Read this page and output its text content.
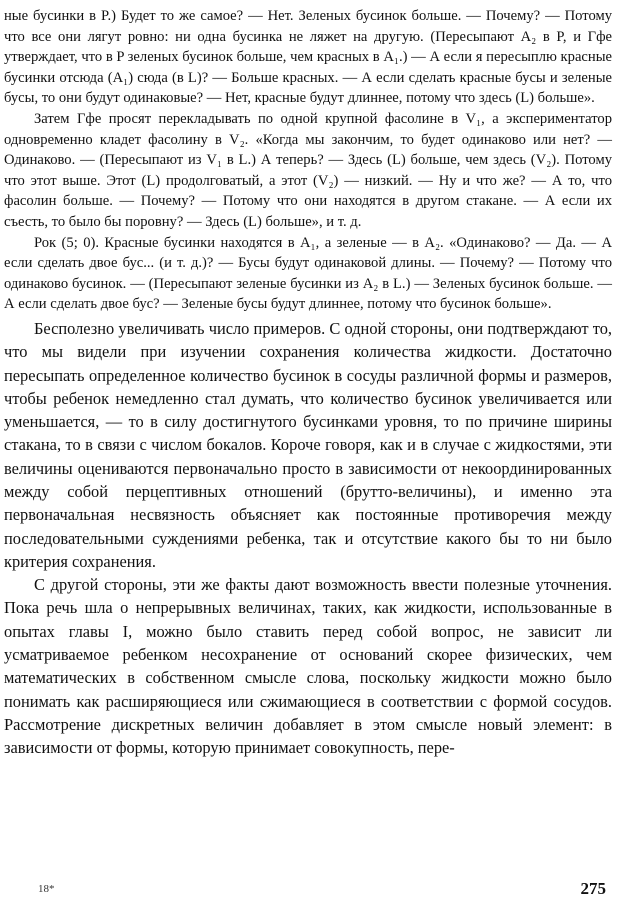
ные бусинки в P.) Будет то же самое? — Нет. Зеленых бусинок больше. — Почему? — Потому что все они лягут ровно: ни одна бусинка не ляжет на другую. (Пересыпают A₂ в P, и Гфе утверждает, что в P зеленых бусинок больше, чем красных в A₁.) — А если я пересыплю красные бусинки отсюда (A₁) сюда (в L)? — Больше красных. — А если сделать красные бусы и зеленые бусы, то они будут одинаковые? — Нет, красные будут длиннее, потому что здесь (L) больше».

Затем Гфе просят перекладывать по одной крупной фасолине в V₁, а экспериментатор одновременно кладет фасолину в V₂. «Когда мы закончим, то будет одинаково или нет? — Одинаково. — (Пересыпают из V₁ в L.) А теперь? — Здесь (L) больше, чем здесь (V₂). Потому что этот выше. Этот (L) продолговатый, а этот (V₂) — низкий. — Ну и что же? — А то, что фасолин больше. — Почему? — Потому что они находятся в другом стакане. — А если их съесть, то было бы поровну? — Здесь (L) больше», и т. д.

Рок (5; 0). Красные бусинки находятся в A₁, а зеленые — в A₂. «Одинаково? — Да. — А если сделать двое бус... (и т. д.)? — Бусы будут одинаковой длины. — Почему? — Потому что одинаково бусинок. — (Пересыпают зеленые бусинки из A₂ в L.) — Зеленых бусинок больше. — А если сделать двое бус? — Зеленые бусы будут длиннее, потому что бусинок больше».

Бесполезно увеличивать число примеров. С одной стороны, они подтверждают то, что мы видели при изучении сохранения количества жидкости. Достаточно пересыпать определенное количество бусинок в сосуды различной формы и размеров, чтобы ребенок немедленно стал думать, что количество бусинок увеличивается или уменьшается, — то в силу достигнутого бусинками уровня, то по причине ширины стакана, то в связи с числом бокалов. Короче говоря, как и в случае с жидкостями, эти величины оцениваются первоначально просто в зависимости от некоординированных между собой перцептивных отношений (брутто-величины), и именно эта первоначальная несвязность объясняет как постоянные противоречия между последовательными суждениями ребенка, так и отсутствие какого бы то ни было критерия сохранения.

С другой стороны, эти же факты дают возможность ввести полезные уточнения. Пока речь шла о непрерывных величинах, таких, как жидкости, использованные в опытах главы I, можно было ставить перед собой вопрос, не зависит ли усматриваемое ребенком несохранение от оснований скорее физических, чем математических в собственном смысле слова, поскольку жидкости можно было понимать как расширяющиеся или сжимающиеся в соответствии с формой сосудов. Рассмотрение дискретных величин добавляет в этом смысле новый элемент: в зависимости от формы, которую принимает совокупность, пере-

18*	275
